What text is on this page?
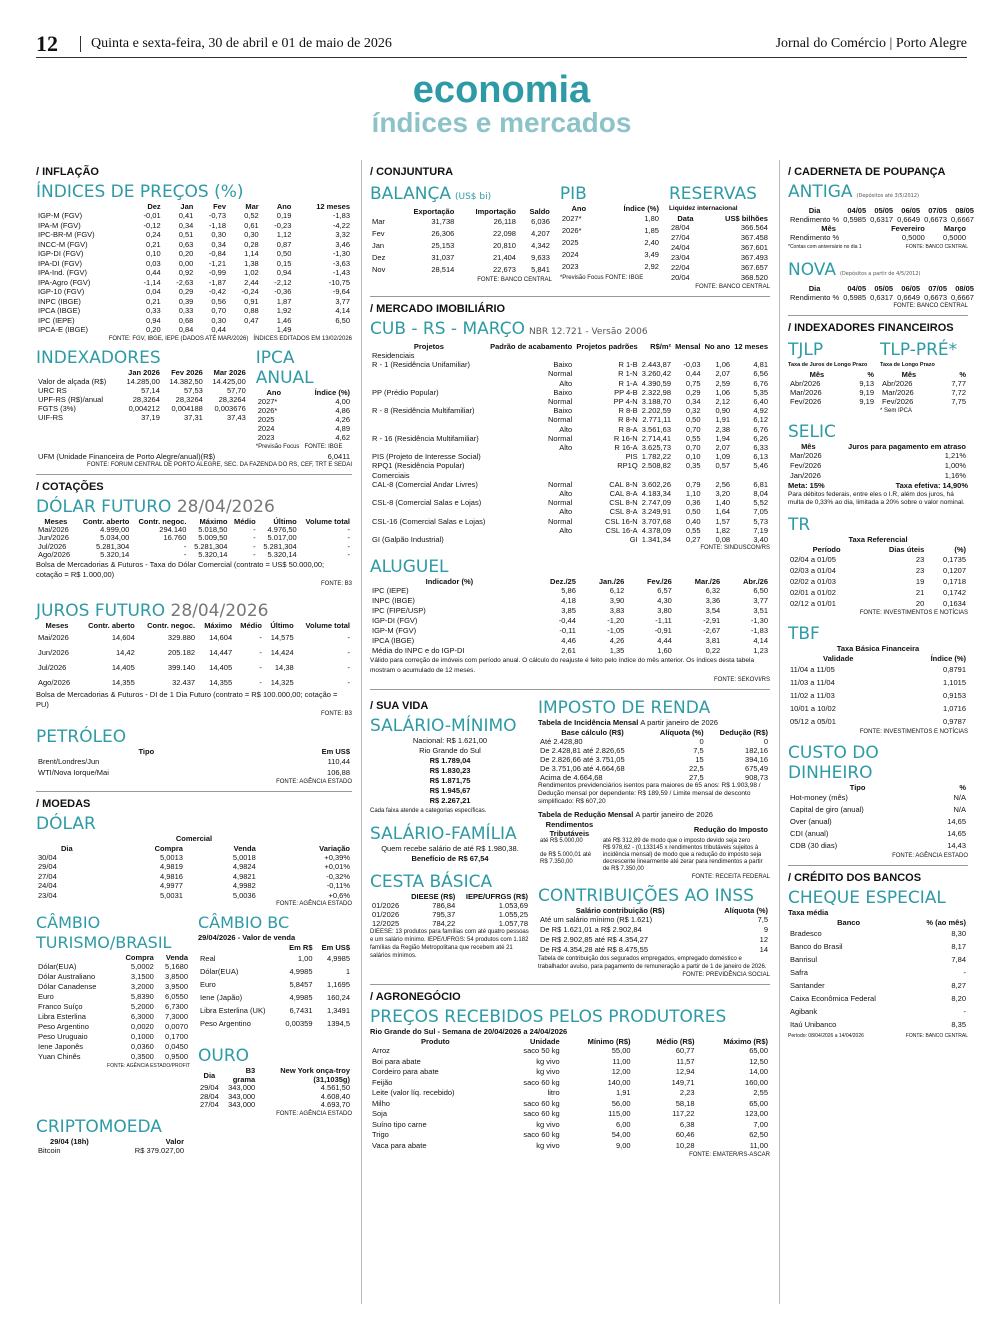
12	Quinta e sexta-feira, 30 de abril e 01 de maio de 2026	Jornal do Comércio | Porto Alegre
economia
índices e mercados
/ INFLAÇÃO
ÍNDICES DE PREÇOS (%)
	Dez	Jan	Fev	Mar	Ano	12 meses
IGP-M (FGV)	-0,01	0,41	-0,73	0,52	0,19	-1,83
IPA-M (FGV)	-0,12	0,34	-1,18	0,61	-0,23	-4,22
IPC-BR-M (FGV)	0,24	0,51	0,30	0,30	1,12	3,32
INCC-M (FGV)	0,21	0,63	0,34	0,28	0,87	3,46
IGP-DI (FGV)	0,10	0,20	-0,84	1,14	0,50	-1,30
IPA-DI (FGV)	0,03	0,00	-1,21	1,38	0,15	-3,63
IPA-Ind. (FGV)	0,44	0,92	-0,99	1,02	0,94	-1,43
IPA-Agro (FGV)	-1,14	-2,63	-1,87	2,44	-2,12	-10,75
IGP-10 (FGV)	0,04	0,29	-0,42	-0,24	-0,36	-9,64
INPC (IBGE)	0,21	0,39	0,56	0,91	1,87	3,77
IPCA (IBGE)	0,33	0,33	0,70	0,88	1,92	4,14
IPC (IEPE)	0,94	0,68	0,30	0,47	1,46	6,50
IPCA-E (IBGE)	0,20	0,84	0,44		1,49	
FONTE: FGV, IBGE, IEPE (DADOS ATÉ MAR/2026) ÍNDICES EDITADOS EM 13/02/2026
INDEXADORES
	Jan 2026	Fev 2026	Mar 2026
Valor de alçada (R$)	14.285,00	14.382,50	14.425,00
URC RS	57,14	57,53	57,70
UPF-RS (R$)/anual	28,3264	28,3264	28,3264
FGTS (3%)	0,004212	0,004188	0,003676
UIF-RS	37,19	37,31	37,43
IPCA ANUAL
Ano	Índice (%)
2027*	4,00
2026*	4,86
2025	4,26
2024	4,89
2023	4,62
*Previsão Focus FONTE: IBGE
UFM (Unidade Financeira de Porto Alegre/anual)(R$)	6,0411
FONTE: FORUM CENTRAL DE PORTO ALEGRE, SEC. DA FAZENDA DO RS, CEF, TRT E SEDAI
/ COTAÇÕES
DÓLAR FUTURO 28/04/2026
Meses	Contr. aberto	Contr. negoc.	Máximo	Médio	Último	Volume total
Mai/2026	4.999,00	294.140	5.018,50	-	4.976,50	-
Jun/2026	5.034,00	16.760	5.009,50	-	5.017,00	-
Jul/2026	5.281,304	-	5.281,304	-	5.281,304	-
Ago/2026	5.320,14	-	5.320,14	-	5.320,14	-
Bolsa de Mercadorias & Futuros - Taxa do Dólar Comercial (contrato = US$ 50.000,00; cotação = R$ 1.000,00)
FONTE: B3
JUROS FUTURO 28/04/2026
Meses	Contr. aberto	Contr. negoc.	Máximo	Médio	Último	Volume total
Mai/2026	14,604	329.880	14,604	-	14,575	-
Jun/2026	14,42	205.182	14,447	-	14,424	-
Jul/2026	14,405	399.140	14,405	-	14,38	-
Ago/2026	14,355	32.437	14,355	-	14,325	-
Bolsa de Mercadorias & Futuros - DI de 1 Dia Futuro (contrato = R$ 100.000,00; cotação = PU)
FONTE: B3
PETRÓLEO
Tipo	Em US$
Brent/Londres/Jun	110,44
WTI/Nova Iorque/Mai	106,88
FONTE: AGÊNCIA ESTADO
/ MOEDAS
DÓLAR
Comercial
Dia	Compra	Venda	Variação
30/04	5,0013	5,0018	+0,39%
29/04	4,9819	4,9824	+0,01%
27/04	4,9816	4,9821	-0,32%
24/04	4,9977	4,9982	-0,11%
23/04	5,0031	5,0036	+0,6%
FONTE: AGÊNCIA ESTADO
CÂMBIO TURISMO/BRASIL
	Compra	Venda
Dólar(EUA)	5,0002	5,1680
Dólar Australiano	3,1500	3,8500
Dólar Canadense	3,2000	3,9500
Euro	5,8390	6,0550
Franco Suíço	5,2000	6,7300
Libra Esterlina	6,3000	7,3000
Peso Argentino	0,0020	0,0070
Peso Uruguaio	0,1000	0,1700
Iene Japonês	0,0360	0,0450
Yuan Chinês	0,3500	0,9500
FONTE: AGÊNCIA ESTADO/PROFIT
CÂMBIO BC
29/04/2026 - Valor de venda
	Em R$	Em US$
Real	1,00	4,9985
Dólar(EUA)	4,9985	1
Euro	5,8457	1,1695
Iene (Japão)	4,9985	160,24
Libra Esterlina (UK)	6,7431	1,3491
Peso Argentino	0,00359	1394,5
OURO
Dia	B3 grama	New York onça-troy (31,1035g)
29/04	343,000	4.561,50
28/04	343,000	4.608,40
27/04	343,000	4.693,70
FONTE: AGÊNCIA ESTADO
CRIPTOMOEDA
29/04 (18h)	Valor
Bitcoin	R$ 379.027,00
/ CONJUNTURA
BALANÇA (US$ bi)
	Exportação	Importação	Saldo
Mar	31,738	26,118	6,036
Fev	26,306	22,098	4,207
Jan	25,153	20,810	4,342
Dez	31,037	21,404	9,633
Nov	28,514	22,673	5,841
FONTE: BANCO CENTRAL
PIB
Ano	Índice (%)
2027*	1,80
2026*	1,85
2025	2,40
2024	3,49
2023	2,92
*Previsão Focus FONTE: IBGE
RESERVAS
Liquidez internacional
Data	US$ bilhões
28/04	366.564
27/04	367.458
24/04	367.601
23/04	367.493
22/04	367.657
20/04	368.520
FONTE: BANCO CENTRAL
/ MERCADO IMOBILIÁRIO
CUB - RS - MARÇO NBR 12.721 - Versão 2006
Projetos	Padrão de acabamento	Projetos padrões	R$/m²	Mensal	No ano	12 meses
Residenciais						
R - 1 (Residência Unifamiliar)	Baixo	R 1-B	2.443,87	-0,03	1,06	4,81
	Normal	R 1-N	3.260,42	0,44	2,07	6,56
	Alto	R 1-A	4.390,59	0,75	2,59	6,76
PP (Prédio Popular)	Baixo	PP 4-B	2.322,98	0,29	1,06	5,35
	Normal	PP 4-N	3.188,70	0,34	2,12	6,40
R - 8 (Residência Multifamiliar)	Baixo	R 8-B	2.202,59	0,32	0,90	4,92
	Normal	R 8-N	2.771,11	0,50	1,91	6,12
	Alto	R 8-A	3.561,63	0,70	2,38	6,76
R - 16 (Residência Multifamiliar)	Normal	R 16-N	2.714,41	0,55	1,94	6,26
	Alto	R 16-A	3.625,73	0,70	2,07	6,33
PIS (Projeto de Interesse Social)		PIS	1.782,22	0,10	1,09	6,13
RPQ1 (Residência Popular)		RP1Q	2.508,82	0,35	0,57	5,46
Comerciais						
CAL-8 (Comercial Andar Livres)	Normal	CAL 8-N	3.602,26	0,79	2,56	6,81
	Alto	CAL 8-A	4.183,34	1,10	3,20	8,04
CSL-8 (Comercial Salas e Lojas)	Normal	CSL 8-N	2.747,09	0,36	1,40	5,52
	Alto	CSL 8-A	3.249,91	0,50	1,64	7,05
CSL-16 (Comercial Salas e Lojas)	Normal	CSL 16-N	3.707,68	0,40	1,57	5,73
	Alto	CSL 16-A	4.378,09	0,55	1,82	7,19
GI (Galpão Industrial)		GI	1.341,34	0,27	0,08	3,40
FONTE: SINDUSCON/RS
ALUGUEL
Indicador (%)	Dez./25	Jan./26	Fev./26	Mar./26	Abr./26
IPC (IEPE)	5,86	6,12	6,57	6,32	6,50
INPC (IBGE)	4,18	3,90	4,30	3,36	3,77
IPC (FIPE/USP)	3,85	3,83	3,80	3,54	3,51
IGP-DI (FGV)	-0,44	-1,20	-1,11	-2,91	-1,30
IGP-M (FGV)	-0,11	-1,05	-0,91	-2,67	-1,83
IPCA (IBGE)	4,46	4,26	4,44	3,81	4,14
Média do INPC e do IGP-DI	2,61	1,35	1,60	0,22	1,23
Válido para correção de imóveis com período anual. O cálculo do reajuste é feito pelo índice do mês anterior. Os índices desta tabela mostram o acumulado de 12 meses.
FONTE: SEKOVI/RS
/ SUA VIDA
SALÁRIO-MÍNIMO
Nacional: R$ 1.621,00
Rio Grande do Sul
R$ 1.789,04
R$ 1.830,23
R$ 1.871,75
R$ 1.945,67
R$ 2.267,21
Cada faixa atende a categorias específicas.
SALÁRIO-FAMÍLIA
Quem recebe salário de até R$ 1.980,38.
Benefício de R$ 67,54
CESTA BÁSICA
	DIEESE (R$)	IEPE/UFRGS (R$)
01/2026	786,84	1.053,69
01/2026	795,37	1.055,25
12/2025	784,22	1.057,78
DIEESE: 13 produtos para famílias com até quatro pessoas e um salário mínimo. IEPE/UFRGS: 54 produtos com 1.182 famílias da Região Metropolitana que recebem até 21 salários mínimos.
IMPOSTO DE RENDA
Tabela de Incidência Mensal A partir janeiro de 2026
Base cálculo (R$)	Alíquota (%)	Dedução (R$)
Até 2.428,80	0	0
De 2.428,81 até 2.826,65	7,5	182,16
De 2.826,66 até 3.751,05	15	394,16
De 3.751,06 até 4.664,68	22,5	675,49
Acima de 4.664,68	27,5	908,73
Rendimentos previdenciários isentos para maiores de 65 anos: R$ 1.903,98 / Dedução mensal por dependente: R$ 189,59 / Limite mensal de desconto simplificado: R$ 607,20
Tabela de Redução Mensal A partir janeiro de 2026
Rendimentos Tributáveis	Redução do Imposto
até R$ 5.000,00	até R$ 312,89 de modo que o imposto devido seja zero
de R$ 5.000,01 até R$ 7.350,00	R$ 978,62 - (0,133145 x rendimentos tributáveis sujeitos à incidência mensal) de modo que a redução do imposto seja decrescente linearmente até zerar para rendimentos a partir de R$ 7.350,00
FONTE: RECEITA FEDERAL
CONTRIBUIÇÕES AO INSS
Salário contribuição (R$)	Alíquota (%)
Até um salário mínimo (R$ 1.621)	7,5
De R$ 1.621,01 a R$ 2.902,84	9
De R$ 2.902,85 até R$ 4.354,27	12
De R$ 4.354,28 até R$ 8.475,55	14
Tabela de contribuição dos segurados empregados, empregado doméstico e trabalhador avulso, para pagamento de remuneração a partir de 1 de janeiro de 2026.
FONTE: PREVIDÊNCIA SOCIAL
/ AGRONEGÓCIO
PREÇOS RECEBIDOS PELOS PRODUTORES
Rio Grande do Sul - Semana de 20/04/2026 a 24/04/2026
Produto	Unidade	Mínimo (R$)	Médio (R$)	Máximo (R$)
Arroz	saco 50 kg	55,00	60,77	65,00
Boi para abate	kg vivo	11,00	11,57	12,50
Cordeiro para abate	kg vivo	12,00	12,94	14,00
Feijão	saco 60 kg	140,00	149,71	160,00
Leite (valor líq. recebido)	litro	1,91	2,23	2,55
Milho	saco 60 kg	56,00	58,18	65,00
Soja	saco 60 kg	115,00	117,22	123,00
Suíno tipo carne	kg vivo	6,00	6,38	7,00
Trigo	saco 60 kg	54,00	60,46	62,50
Vaca para abate	kg vivo	9,00	10,28	11,00
FONTE: EMATER/RS-ASCAR
/ CADERNETA DE POUPANÇA
ANTIGA (Depósitos até 3/5/2012)
Dia	04/05	05/05	06/05	07/05	08/05
Rendimento %	0,5985	0,6317	0,6649	0,6673	0,6667
Mês	Fevereiro	Março
Rendimento %	0,5000	0,5000
*Contas com aniversário no dia 1	FONTE: BANCO CENTRAL
NOVA (Depósitos a partir de 4/5/2012)
Dia	04/05	05/05	06/05	07/05	08/05
Rendimento %	0,5985	0,6317	0,6649	0,6673	0,6667
FONTE: BANCO CENTRAL
/ INDEXADORES FINANCEIROS
TJLP
Taxa de Juros de Longo Prazo
Mês	%
Abr/2026	9,13
Mar/2026	9,19
Fev/2026	9,19
TLP-PRÉ*
Taxa de Longo Prazo
Mês	%
Abr/2026	7,77
Mar/2026	7,72
Fev/2026	7,75
* Sem IPCA
SELIC
Mês	Juros para pagamento em atraso
Mar/2026	1,21%
Fev/2026	1,00%
Jan/2026	1,16%
Meta: 15%	Taxa efetiva: 14,90%
Para débitos federais, entre eles o I.R, além dos juros, há multa de 0,33% ao dia, limitada a 20% sobre o valor nominal.
TR
Taxa Referencial
Período	Dias úteis	(%)
02/04 a 01/05	23	0,1735
02/03 a 01/04	23	0,1207
02/02 a 01/03	19	0,1718
02/01 a 01/02	21	0,1742
02/12 a 01/01	20	0,1634
FONTE: INVESTIMENTOS E NOTÍCIAS
TBF
Taxa Básica Financeira
Validade	Índice (%)
11/04 a 11/05	0,8791
11/03 a 11/04	1,1015
11/02 a 11/03	0,9153
10/01 a 10/02	1,0716
05/12 a 05/01	0,9787
FONTE: INVESTIMENTOS E NOTÍCIAS
CUSTO DO DINHEIRO
Tipo	%
Hot-money (mês)	N/A
Capital de giro (anual)	N/A
Over (anual)	14,65
CDI (anual)	14,65
CDB (30 dias)	14,43
FONTE: AGÊNCIA ESTADO
/ CRÉDITO DOS BANCOS
CHEQUE ESPECIAL
Taxa média
Banco	% (ao mês)
Bradesco	8,30
Banco do Brasil	8,17
Banrisul	7,84
Safra	-
Santander	8,27
Caixa Econômica Federal	8,20
Agibank	-
Itaú Unibanco	8,35
Período: 08/04/2026 a 14/04/2026	FONTE: BANCO CENTRAL
